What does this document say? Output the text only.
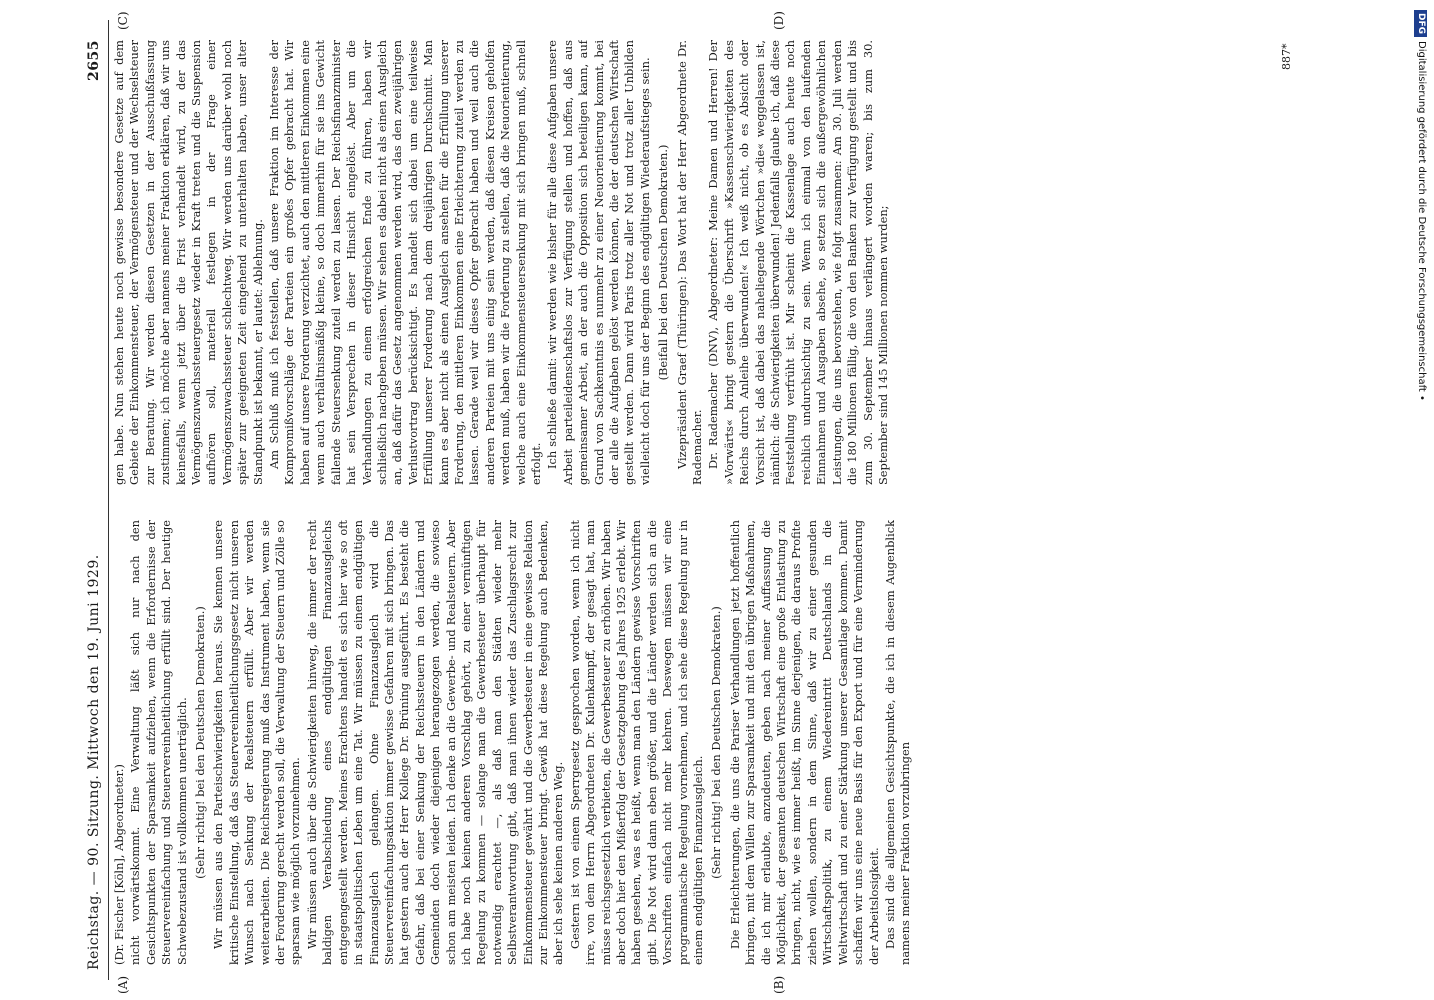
Reichstag. — 90. Sitzung. Mittwoch den 19. Juni 1929.
2655
(A)	(B)
(C)	(D)

(Dr. Fischer [Köln], Abgeordneter.) nicht vorwärtskommt. Eine Verwaltung läßt sich nur nach den Gesichtspunkten der Sparsamkeit aufziehen, wenn die Erfordernisse der Steuervereinfachung und Steuervereinheitlichung erfüllt sind. Der heutige Schwebezustand ist vollkommen unerträglich. (Sehr richtig! bei den Deutschen Demokraten.) Wir müssen aus den Parteischwierigkeiten heraus. Sie kennen unsere kritische Einstellung, daß das Steuervereinheitlichungsgesetz nicht unseren Wunsch nach Senkung der Realsteuern erfüllt. Aber wir werden weiterarbeiten. Die Reichsregierung muß das Instrument haben, wenn sie der Forderung gerecht werden soll, die Verwaltung der Steuern und Zölle so sparsam wie möglich vorzunehmen. Wir müssen auch über die Schwierigkeiten hinweg, die immer der recht baldigen Verabschiedung eines endgültigen Finanzausgleichs entgegengestellt werden. Meines Erachtens handelt es sich hier wie so oft in staatspolitischen Leben um eine Tat. Wir müssen zu einem endgültigen Finanzausgleich gelangen. Ohne Finanzausgleich wird die Steuervereinfachungsaktion immer gewisse Gefahren mit sich bringen. Das hat gestern auch der Herr Kollege Dr. Brüning ausgeführt. Es besteht die Gefahr, daß bei einer Senkung der Reichssteuern in den Ländern und Gemeinden doch wieder diejenigen herangezogen werden, die sowieso schon am meisten leiden. Ich denke an die Gewerbe- und Realsteuern. Aber ich habe noch keinen anderen Vorschlag gehört, zu einer vernünftigen Regelung zu kommen — solange man die Gewerbesteuer überhaupt für notwendig erachtet —, als daß man den Städten wieder mehr Selbstverantwortung gibt, daß man ihnen wieder das Zuschlagsrecht zur Einkommensteuer gewährt und die Gewerbesteuer in eine gewisse Relation zur Einkommensteuer bringt. Gewiß hat diese Regelung auch Bedenken, aber ich sehe keinen anderen Weg. Gestern ist von einem Sperrgesetz gesprochen worden, wenn ich nicht irre, von dem Herrn Abgeordneten Dr. Kulenkampff, der gesagt hat, man müsse reichsgesetzlich verbieten, die Gewerbesteuer zu erhöhen. Wir haben aber doch hier den Mißerfolg der Gesetzgebung des Jahres 1925 erlebt. Wir haben gesehen, was es heißt, wenn man den Ländern gewisse Vorschriften gibt. Die Not wird dann eben größer, und die Länder werden sich an die Vorschriften einfach nicht mehr kehren. Deswegen müssen wir eine programmatische Regelung vornehmen, und ich sehe diese Regelung nur in einem endgültigen Finanzausgleich. (Sehr richtig! bei den Deutschen Demokraten.) Die Erleichterungen, die uns die Pariser Verhandlungen jetzt hoffentlich bringen, mit dem Willen zur Sparsamkeit und mit den übrigen Maßnahmen, die ich mir erlaubte, anzudeuten, geben nach meiner Auffassung die Möglichkeit, der gesamten deutschen Wirtschaft eine große Entlastung zu bringen, nicht, wie es immer heißt, im Sinne derjenigen, die daraus Profite ziehen wollen, sondern in dem Sinne, daß wir zu einer gesunden Wirtschaftspolitik, zu einem Wiedereintritt Deutschlands in die Weltwirtschaft und zu einer Stärkung unserer Gesamtlage kommen. Damit schaffen wir uns eine neue Basis für den Export und für eine Verminderung der Arbeitslosigkeit. Das sind die allgemeinen Gesichtspunkte, die ich in diesem Augenblick namens meiner Fraktion vorzubringen

gen habe. Nun stehen heute noch gewisse besondere Gesetze auf dem Gebiete der Einkommensteuer, der Vermögensteuer und der Wechselsteuer zur Beratung. Wir werden diesen Gesetzen in der Ausschußfassung zustimmen; ich möchte aber namens meiner Fraktion erklären, daß wir uns keinesfalls, wenn jetzt über die Frist verhandelt wird, zu der das Vermögenszuwachssteuergesetz wieder in Kraft treten und die Suspension aufhören soll, materiell festlegen in der Frage einer Vermögenszuwachssteuer schlechtweg. Wir werden uns darüber wohl noch später zur geeigneten Zeit eingehend zu unterhalten haben, unser alter Standpunkt ist bekannt, er lautet: Ablehnung. Am Schluß muß ich feststellen, daß unsere Fraktion im Interesse der Kompromißvorschläge der Parteien ein großes Opfer gebracht hat. Wir haben auf unsere Forderung verzichtet, auch den mittleren Einkommen eine wenn auch verhältnismäßig kleine, so doch immerhin für sie ins Gewicht fallende Steuersenkung zuteil werden zu lassen. Der Reichsfinanzminister hat sein Versprechen in dieser Hinsicht eingelöst. Aber um die Verhandlungen zu einem erfolgreichen Ende zu führen, haben wir schließlich nachgeben müssen. Wir sehen es dabei nicht als einen Ausgleich an, daß dafür das Gesetz angenommen werden wird, das den zweijährigen Verlustvortrag berücksichtigt. Es handelt sich dabei um eine teilweise Erfüllung unserer Forderung nach dem dreijährigen Durchschnitt. Man kann es aber nicht als einen Ausgleich ansehen für die Erfüllung unserer Forderung, den mittleren Einkommen eine Erleichterung zuteil werden zu lassen. Gerade weil wir dieses Opfer gebracht haben und weil auch die anderen Parteien mit uns einig sein werden, daß diesen Kreisen geholfen werden muß, haben wir die Forderung zu stellen, daß die Neuorientierung, welche auch eine Einkommensteuersenkung mit sich bringen muß, schnell erfolgt. Ich schließe damit: wir werden wie bisher für alle diese Aufgaben unsere Arbeit parteileidenschaftslos zur Verfügung stellen und hoffen, daß aus gemeinsamer Arbeit, an der auch die Opposition sich beteiligen kann, auf Grund von Sachkenntnis es nunmehr zu einer Neuorientierung kommt, bei der alle die Aufgaben gelöst werden können, die der deutschen Wirtschaft gestellt werden. Dann wird Paris trotz aller Not und trotz aller Unbilden vielleicht doch für uns der Beginn des endgültigen Wiederaufstieges sein. (Beifall bei den Deutschen Demokraten.) Vizepräsident Graef (Thüringen): Das Wort hat der Herr Abgeordnete Dr. Rademacher. Dr. Rademacher (DNV), Abgeordneter: Meine Damen und Herren! Der »Vorwärts« bringt gestern die Überschrift »Kassenschwierigkeiten des Reichs durch Anleihe überwunden!« Ich weiß nicht, ob es Absicht oder Vorsicht ist, daß dabei das naheliegende Wörtchen »die« weggelassen ist, nämlich: die Schwierigkeiten überwunden! Jedenfalls glaube ich, daß diese Feststellung verfrüht ist. Mir scheint die Kassenlage auch heute noch reichlich undurchsichtig zu sein. Wenn ich einmal von den laufenden Einnahmen und Ausgaben absehe, so setzen sich die außergewöhnlichen Leistungen, die uns bevorstehen, wie folgt zusammen: Am 30. Juli werden die 180 Millionen fällig, die von den Banken zur Verfügung gestellt und bis zum 30. September hinaus verlängert worden waren; bis zum 30. September sind 145 Millionen nommen wurden;

887*
DFGDigitalisierung gefördert durch die Deutsche Forschungsgemeinschaft •
